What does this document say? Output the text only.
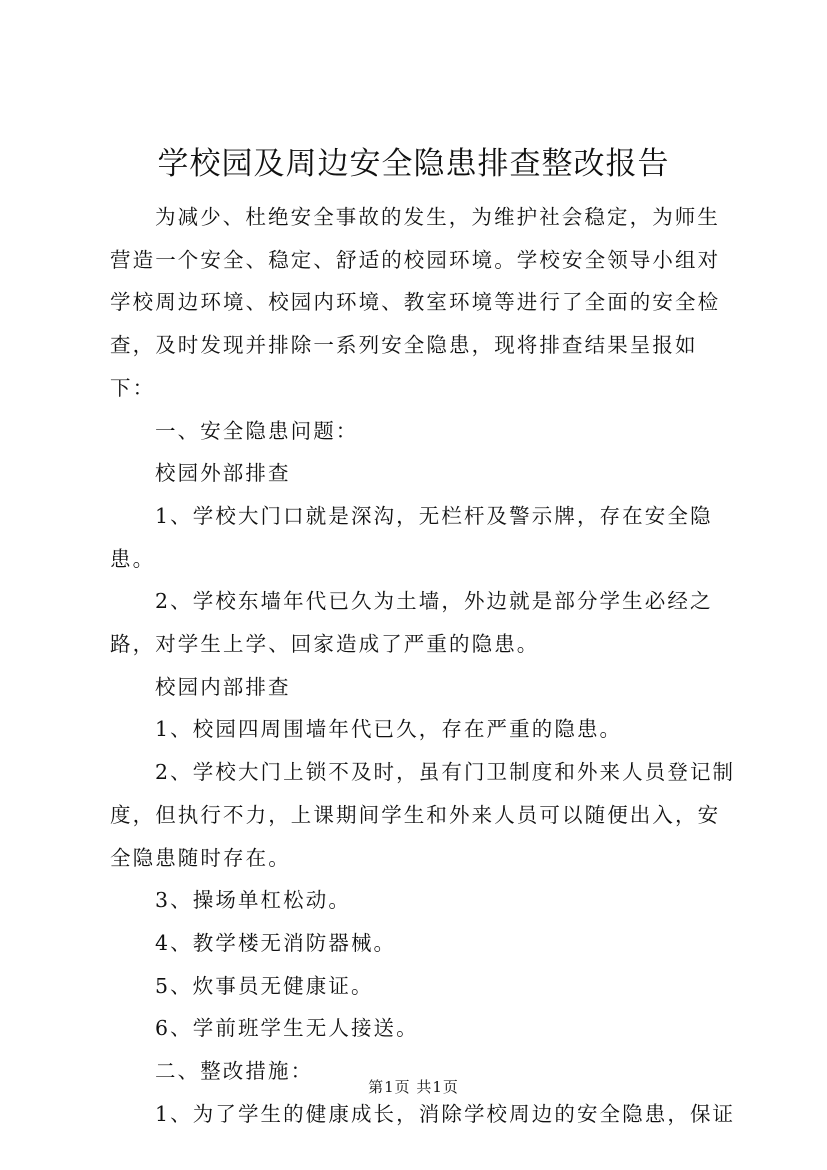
学校园及周边安全隐患排查整改报告

为减少、杜绝安全事故的发生，为维护社会稳定，为师生营造一个安全、稳定、舒适的校园环境。学校安全领导小组对学校周边环境、校园内环境、教室环境等进行了全面的安全检查，及时发现并排除一系列安全隐患，现将排查结果呈报如下：

一、安全隐患问题：

校园外部排查

1、学校大门口就是深沟，无栏杆及警示牌，存在安全隐患。

2、学校东墙年代已久为土墙，外边就是部分学生必经之路，对学生上学、回家造成了严重的隐患。

校园内部排查

1、校园四周围墙年代已久，存在严重的隐患。

2、学校大门上锁不及时，虽有门卫制度和外来人员登记制度，但执行不力，上课期间学生和外来人员可以随便出入，安全隐患随时存在。

3、操场单杠松动。

4、教学楼无消防器械。

5、炊事员无健康证。

6、学前班学生无人接送。

二、整改措施：

1、为了学生的健康成长，消除学校周边的安全隐患，保证

第1页 共1页
